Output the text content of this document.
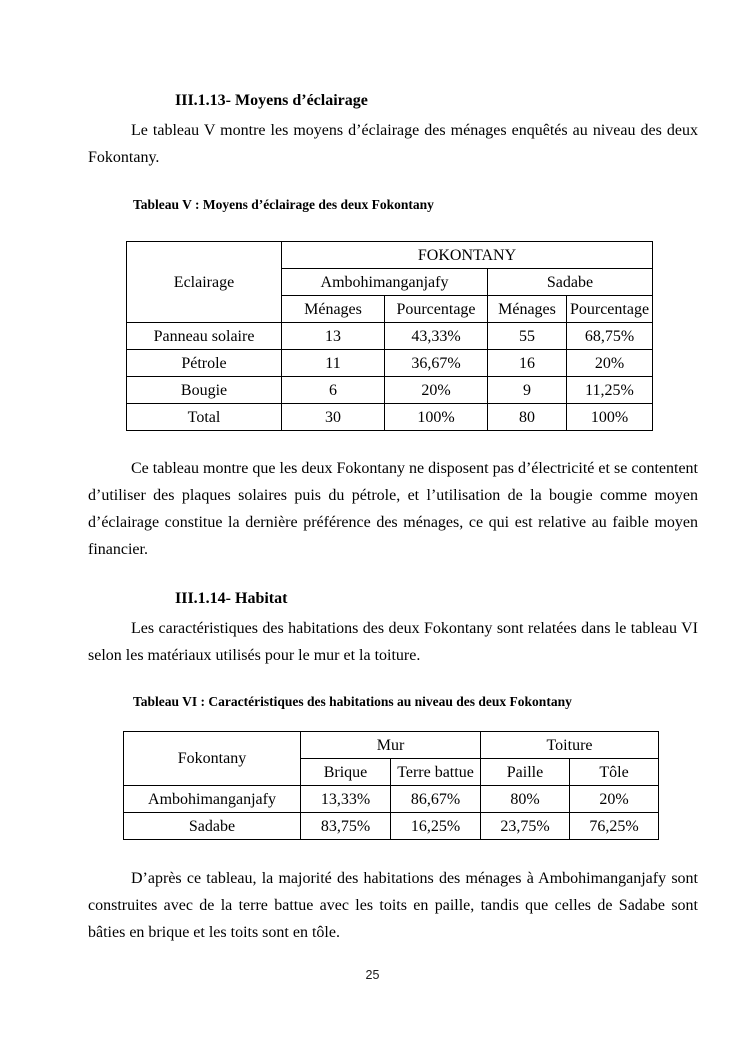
III.1.13- Moyens d’éclairage

Le tableau V montre les moyens d’éclairage des ménages enquêtés au niveau des deux Fokontany.

Tableau V : Moyens d’éclairage des deux Fokontany
Eclairage	FOKONTANY			
	Ambohimanganjafy		Sadabe	
	Ménages	Pourcentage	Ménages	Pourcentage
Panneau solaire	13	43,33%	55	68,75%
Pétrole	11	36,67%	16	20%
Bougie	6	20%	9	11,25%
Total	30	100%	80	100%

Ce tableau montre que les deux Fokontany ne disposent pas d’électricité et se contentent d’utiliser des plaques solaires puis du pétrole, et l’utilisation de la bougie comme moyen d’éclairage constitue la dernière préférence des ménages, ce qui est relative au faible moyen financier.

III.1.14- Habitat

Les caractéristiques des habitations des deux Fokontany sont relatées dans le tableau VI selon les matériaux utilisés pour le mur et la toiture.

Tableau VI : Caractéristiques des habitations au niveau des deux Fokontany
Fokontany	Mur		Toiture	
	Brique	Terre battue	Paille	Tôle
Ambohimanganjafy	13,33%	86,67%	80%	20%
Sadabe	83,75%	16,25%	23,75%	76,25%

D’après ce tableau, la majorité des habitations des ménages à Ambohimanganjafy sont construites avec de la terre battue avec les toits en paille, tandis que celles de Sadabe sont bâties en brique et les toits sont en tôle.

25
